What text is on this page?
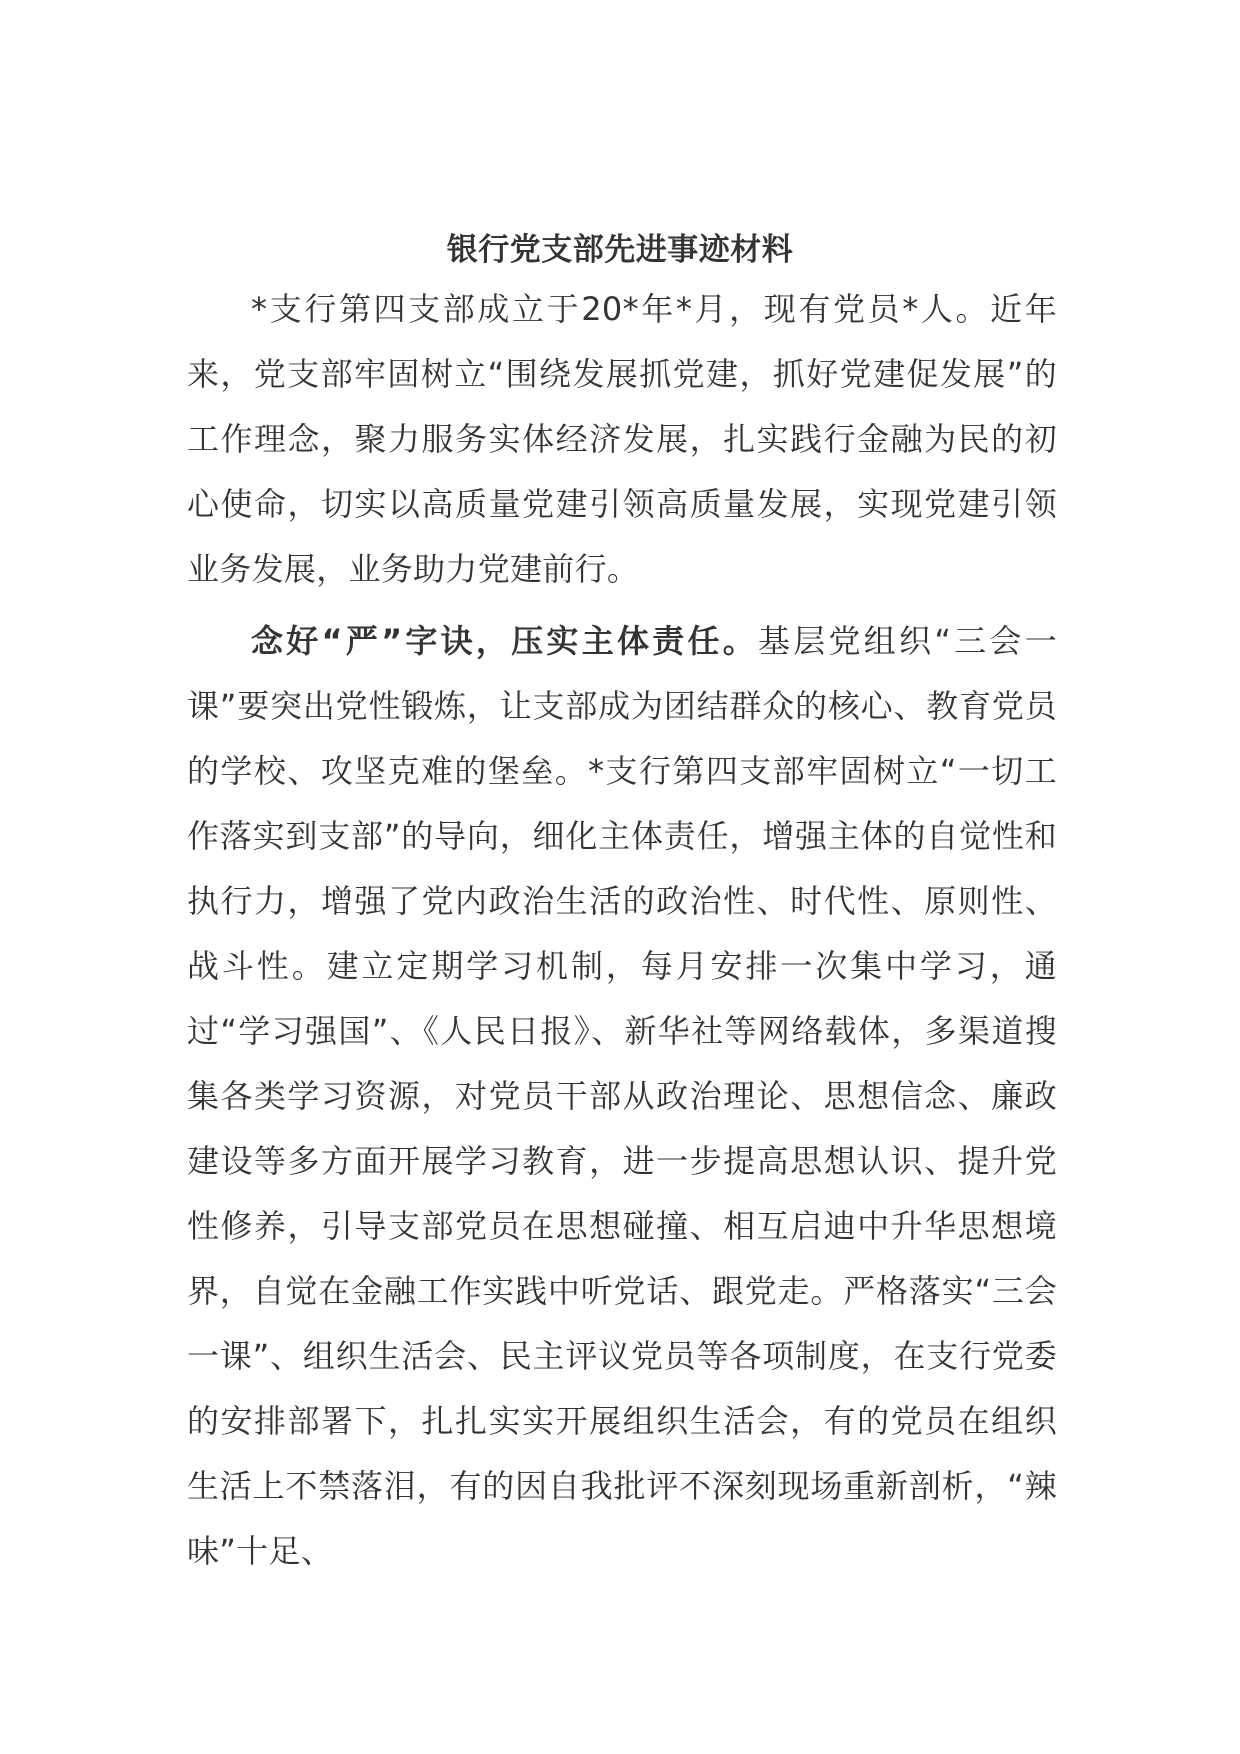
银行党支部先进事迹材料

*支行第四支部成立于20*年*月，现有党员*人。近年来，党支部牢固树立“围绕发展抓党建，抓好党建促发展”的工作理念，聚力服务实体经济发展，扎实践行金融为民的初心使命，切实以高质量党建引领高质量发展，实现党建引领业务发展，业务助力党建前行。

念好“严”字诀，压实主体责任。基层党组织“三会一课”要突出党性锻炼，让支部成为团结群众的核心、教育党员的学校、攻坚克难的堡垒。*支行第四支部牢固树立“一切工作落实到支部”的导向，细化主体责任，增强主体的自觉性和执行力，增强了党内政治生活的政治性、时代性、原则性、战斗性。建立定期学习机制，每月安排一次集中学习，通过“学习强国”、《人民日报》、新华社等网络载体，多渠道搜集各类学习资源，对党员干部从政治理论、思想信念、廉政建设等多方面开展学习教育，进一步提高思想认识、提升党性修养，引导支部党员在思想碰撞、相互启迪中升华思想境界，自觉在金融工作实践中听党话、跟党走。严格落实“三会一课”、组织生活会、民主评议党员等各项制度，在支行党委的安排部署下，扎扎实实开展组织生活会，有的党员在组织生活上不禁落泪，有的因自我批评不深刻现场重新剖析，“辣味”十足、
